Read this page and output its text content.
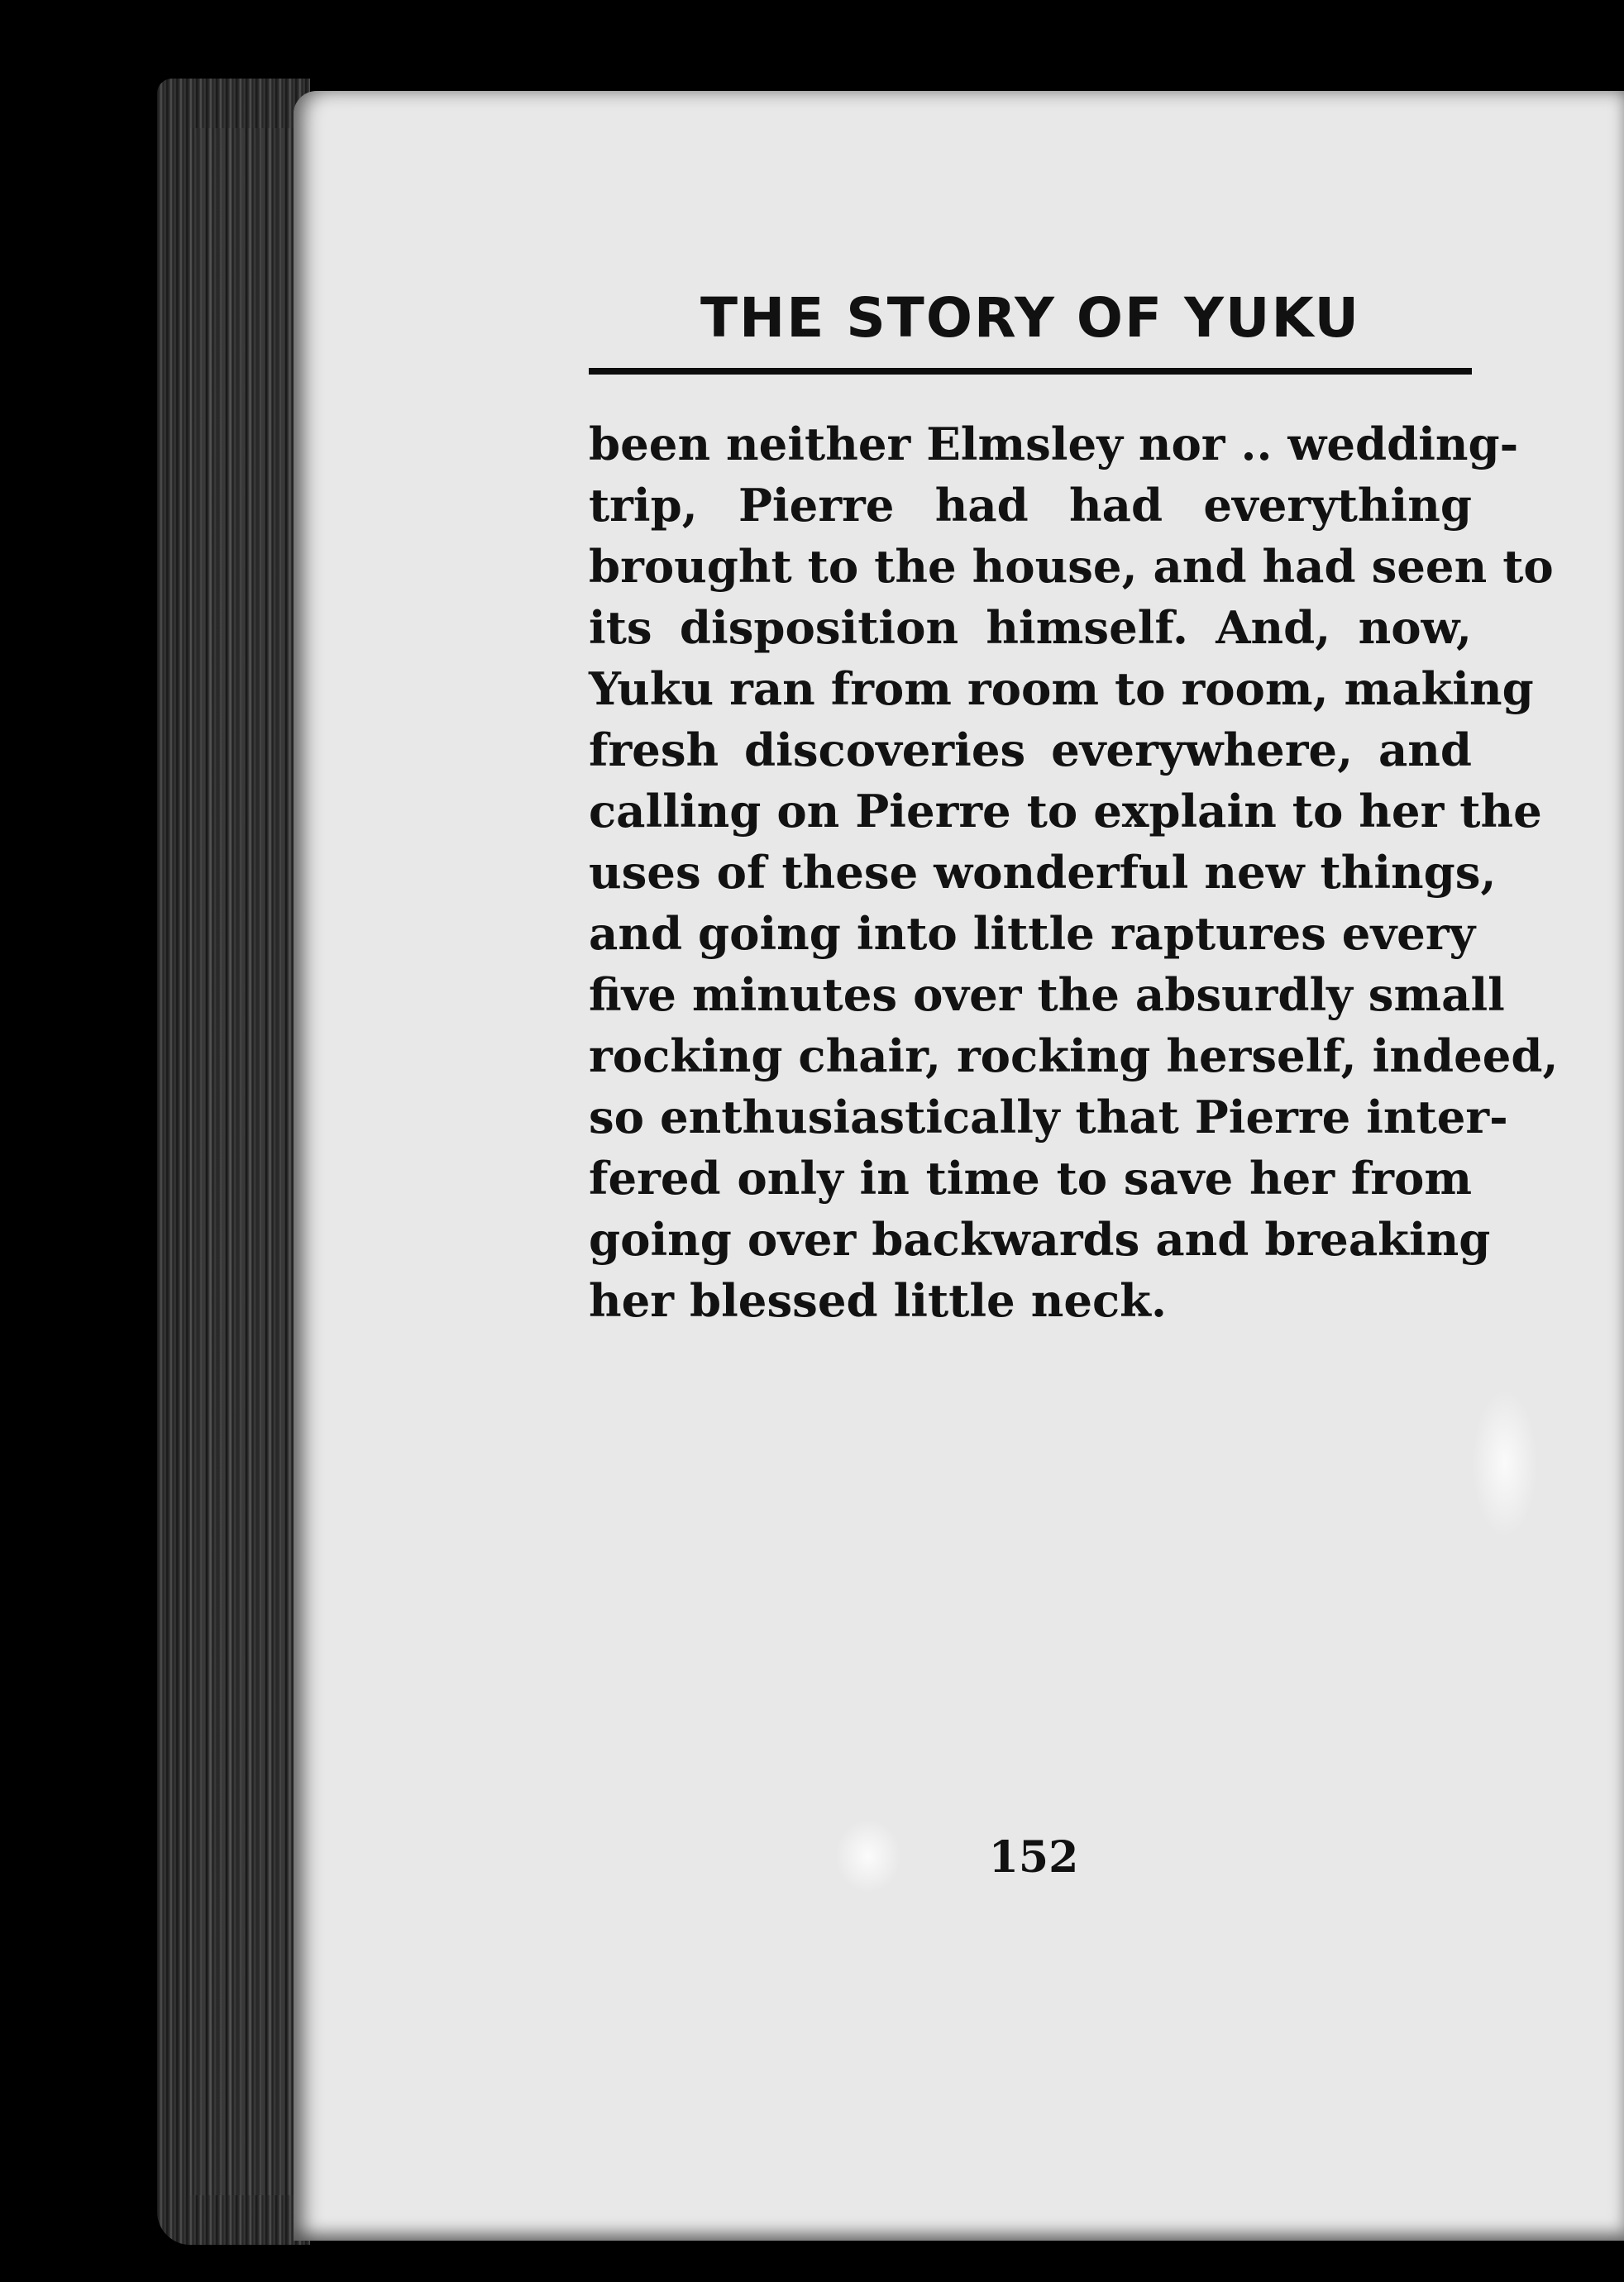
THE STORY OF YUKU
been neither Elmsley nor .. wedding-
trip, Pierre had had everything
brought to the house, and had seen to
its disposition himself. And, now,
Yuku ran from room to room, making
fresh discoveries everywhere, and
calling on Pierre to explain to her the
uses of these wonderful new things,
and going into little raptures every
five minutes over the absurdly small
rocking chair, rocking herself, indeed,
so enthusiastically that Pierre inter-
fered only in time to save her from
going over backwards and breaking
her blessed little neck.
152
